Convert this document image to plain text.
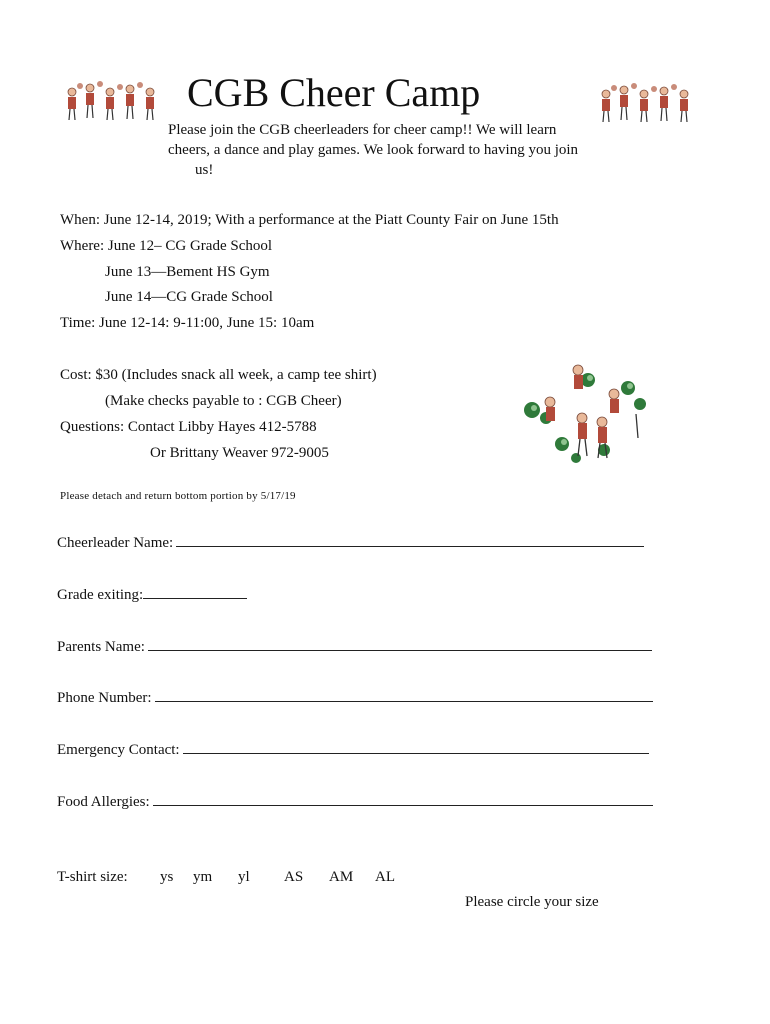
CGB Cheer Camp
Please join the CGB cheerleaders for cheer camp!! We will learn
cheers, a dance and play games. We look forward to having you join
us!
When: June 12-14, 2019; With a performance at the Piatt County Fair on June 15th
Where: June 12– CG Grade School
June 13—Bement HS Gym
June 14—CG Grade School
Time: June 12-14: 9-11:00, June 15: 10am
Cost: $30 (Includes snack all week, a camp tee shirt)
(Make checks payable to : CGB Cheer)
Questions: Contact Libby Hayes 412-5788
Or Brittany Weaver 972-9005
Please detach and return bottom portion by 5/17/19
Cheerleader Name:
Grade exiting:
Parents Name:
Phone Number:
Emergency Contact:
Food Allergies:
T-shirt size: ys ym yl AS AM AL
Please circle your size
